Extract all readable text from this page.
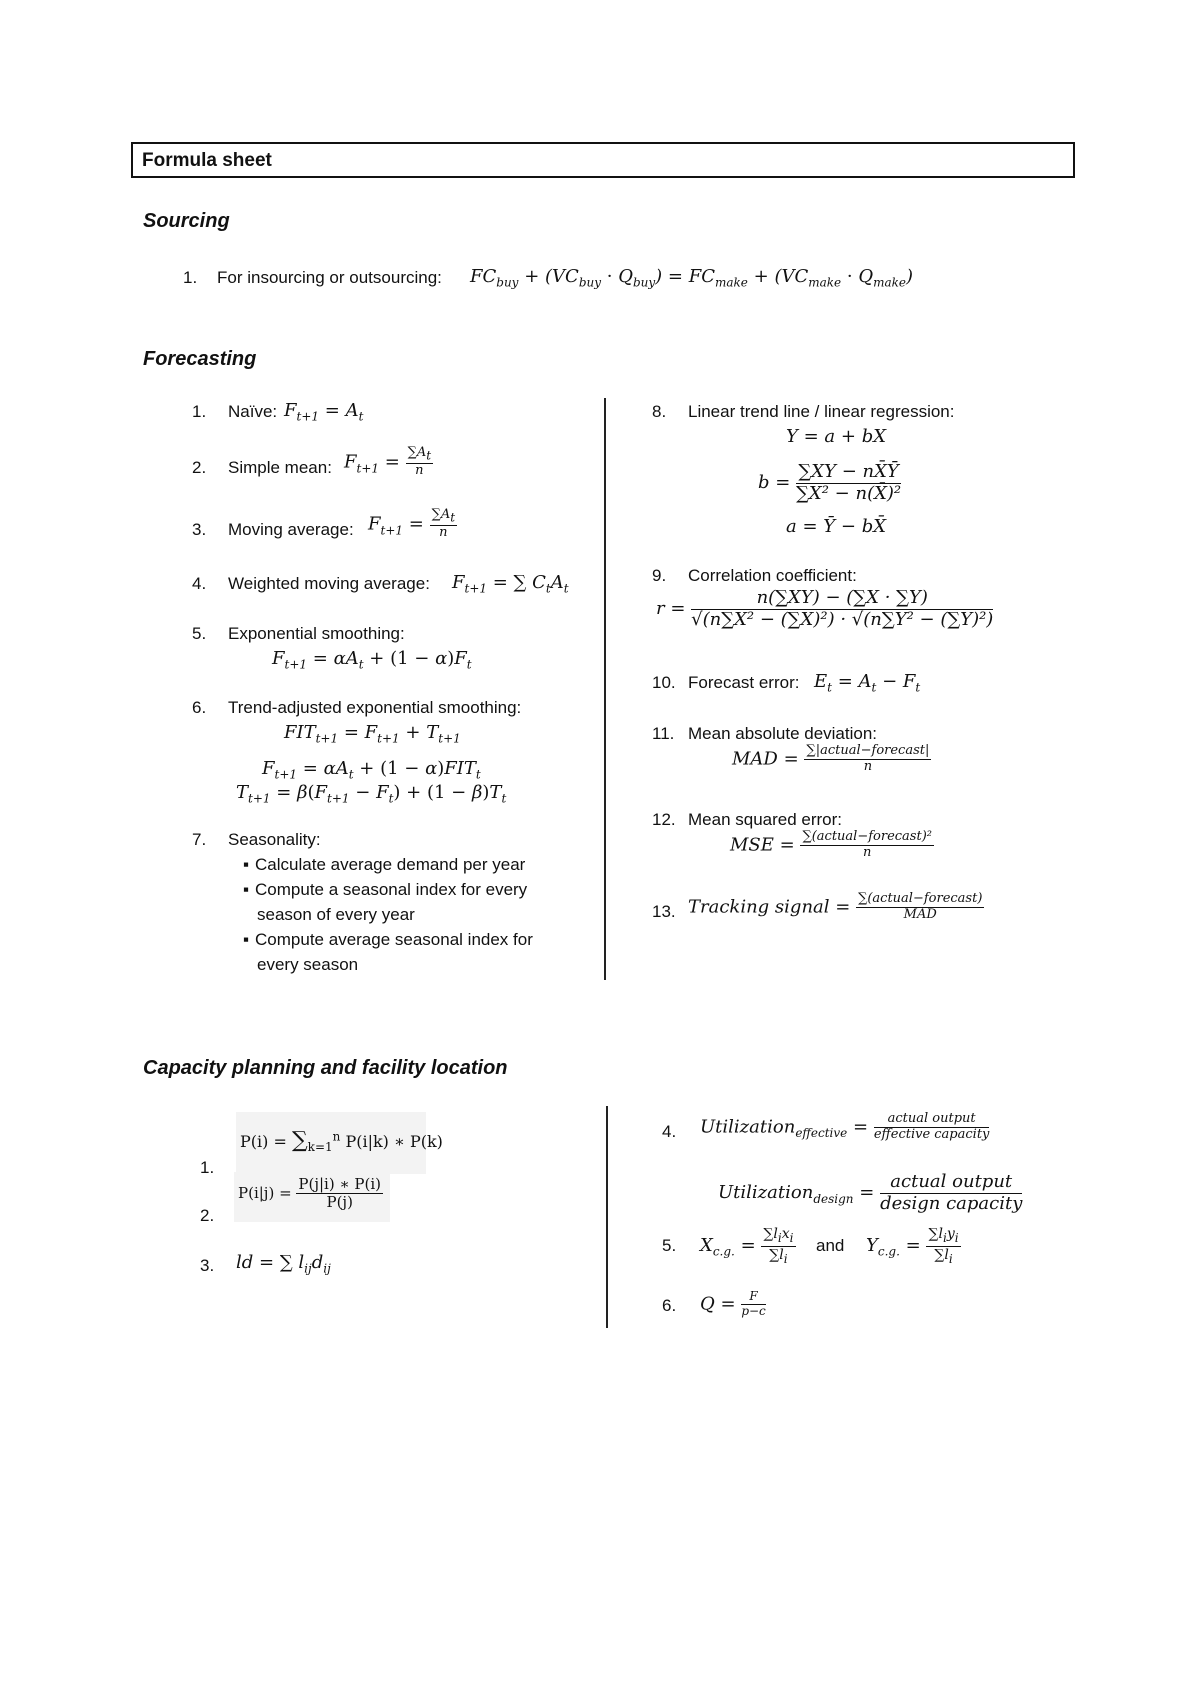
Formula sheet
Sourcing
1. For insourcing or outsourcing: $FC_{buy} + (VC_{buy} \cdot Q_{buy}) = FC_{make} + (VC_{make} \cdot Q_{make})$
Forecasting
1. Naïve: $F_{t+1} = A_t$
2. Simple mean: $F_{t+1} = \frac{\sum A_t}{n}$
3. Moving average: $F_{t+1} = \frac{\sum A_t}{n}$
4. Weighted moving average: $F_{t+1}$ = ∑ $C_tA_t$
5. Exponential smoothing:
$F_{t+1} = \alpha A_t + (1 - \alpha)F_t$
6. Trend-adjusted exponential smoothing:
$FIT_{t+1} = F_{t+1} + T_{t+1}$
$F_{t+1} = \alpha A_t + (1 - \alpha)FIT_t$
$T_{t+1} = \beta(F_{t+1} - F_t) + (1 - \beta)T_t$
7. Seasonality:
▪ Calculate average demand per year
▪ Compute a seasonal index for every
season of every year
▪ Compute average seasonal index for
every season
8. Linear trend line / linear regression:
Y = a + bX
$b = \frac{\sum XY - nX̄Ȳ}{\text{∑X² − n(X̄)²}}$
a = Ȳ − bX̄
9. Correlation coefficient:
$r = \frac{n(\sum XY) - (\sum X \cdot \sum Y)}{\text{√(n∑X² − (∑X)²) · √(n∑Y² − (∑Y)²)}}$
10. Forecast error: $E_t = A_t - F_t$
11. Mean absolute deviation:
MAD = $\frac{\text{∑|actual−forecast|}}{n}$
12. Mean squared error:
MSE = $\frac{\text{∑(actual−forecast)²}}{n}$
13. Tracking signal = $\frac{\text{∑(actual−forecast)}}{\text{MAD}}$
Capacity planning and facility location
1.
$P(i) = \sum_{k=1}^n$ P(i|k) ∗ P(k)
2.
$P(i|j) = \frac{P(j|i) ∗ P(i)}{P(j)}$
3. ld = ∑ $l_{ij}d_{ij}$
4. Utilization$_{effective}$ = $\frac{\text{actual output}}{\text{effective capacity}}$
Utilization$_{design}$ = $\frac{\text{actual output}}{\text{design capacity}}$
5. $X_{c.g.} = \frac{\sum l_ix_i}{\sum l_i}$ and $Y_{c.g.} = \frac{\sum l_iy_i}{\sum l_i}$
6. $Q = \frac{F}{p-c}$
